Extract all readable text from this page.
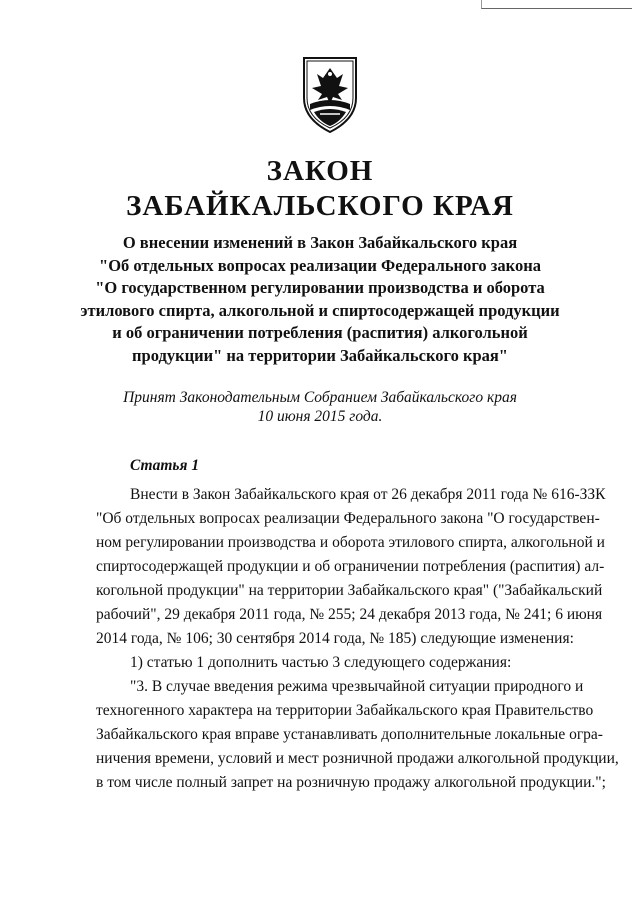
ЗАКОН
ЗАБАЙКАЛЬСКОГО КРАЯ
О внесении изменений в Закон Забайкальского края
"Об отдельных вопросах реализации Федерального закона
"О государственном регулировании производства и оборота
этилового спирта, алкогольной и спиртосодержащей продукции
и об ограничении потребления (распития) алкогольной
продукции" на территории Забайкальского края"
Принят Законодательным Собранием Забайкальского края
10 июня 2015 года.
Статья 1
Внести в Закон Забайкальского края от 26 декабря 2011 года № 616-ЗЗК
"Об отдельных вопросах реализации Федерального закона "О государствен-
ном регулировании производства и оборота этилового спирта, алкогольной и
спиртосодержащей продукции и об ограничении потребления (распития) ал-
когольной продукции" на территории Забайкальского края" ("Забайкальский
рабочий", 29 декабря 2011 года, № 255; 24 декабря 2013 года, № 241; 6 июня
2014 года, № 106; 30 сентября 2014 года, № 185) следующие изменения:
1) статью 1 дополнить частью 3 следующего содержания:
"3. В случае введения режима чрезвычайной ситуации природного и
техногенного характера на территории Забайкальского края Правительство
Забайкальского края вправе устанавливать дополнительные локальные огра-
ничения времени, условий и мест розничной продажи алкогольной продукции,
в том числе полный запрет на розничную продажу алкогольной продукции.";
